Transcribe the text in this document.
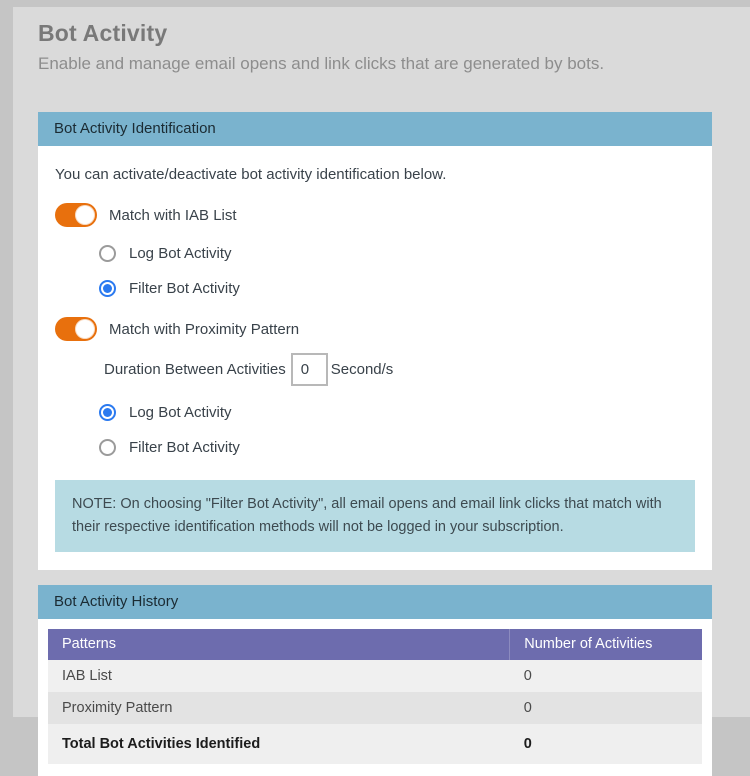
Bot Activity
Enable and manage email opens and link clicks that are generated by bots.
Bot Activity Identification
You can activate/deactivate bot activity identification below.
Match with IAB List
Log Bot Activity
Filter Bot Activity
Match with Proximity Pattern
Duration Between Activities
0	Second/s
Log Bot Activity
Filter Bot Activity
NOTE: On choosing "Filter Bot Activity", all email opens and email link clicks that match with their respective identification methods will not be logged in your subscription.
Bot Activity History
Patterns	Number of Activities
IAB List	0
Proximity Pattern	0
Total Bot Activities Identified	0
